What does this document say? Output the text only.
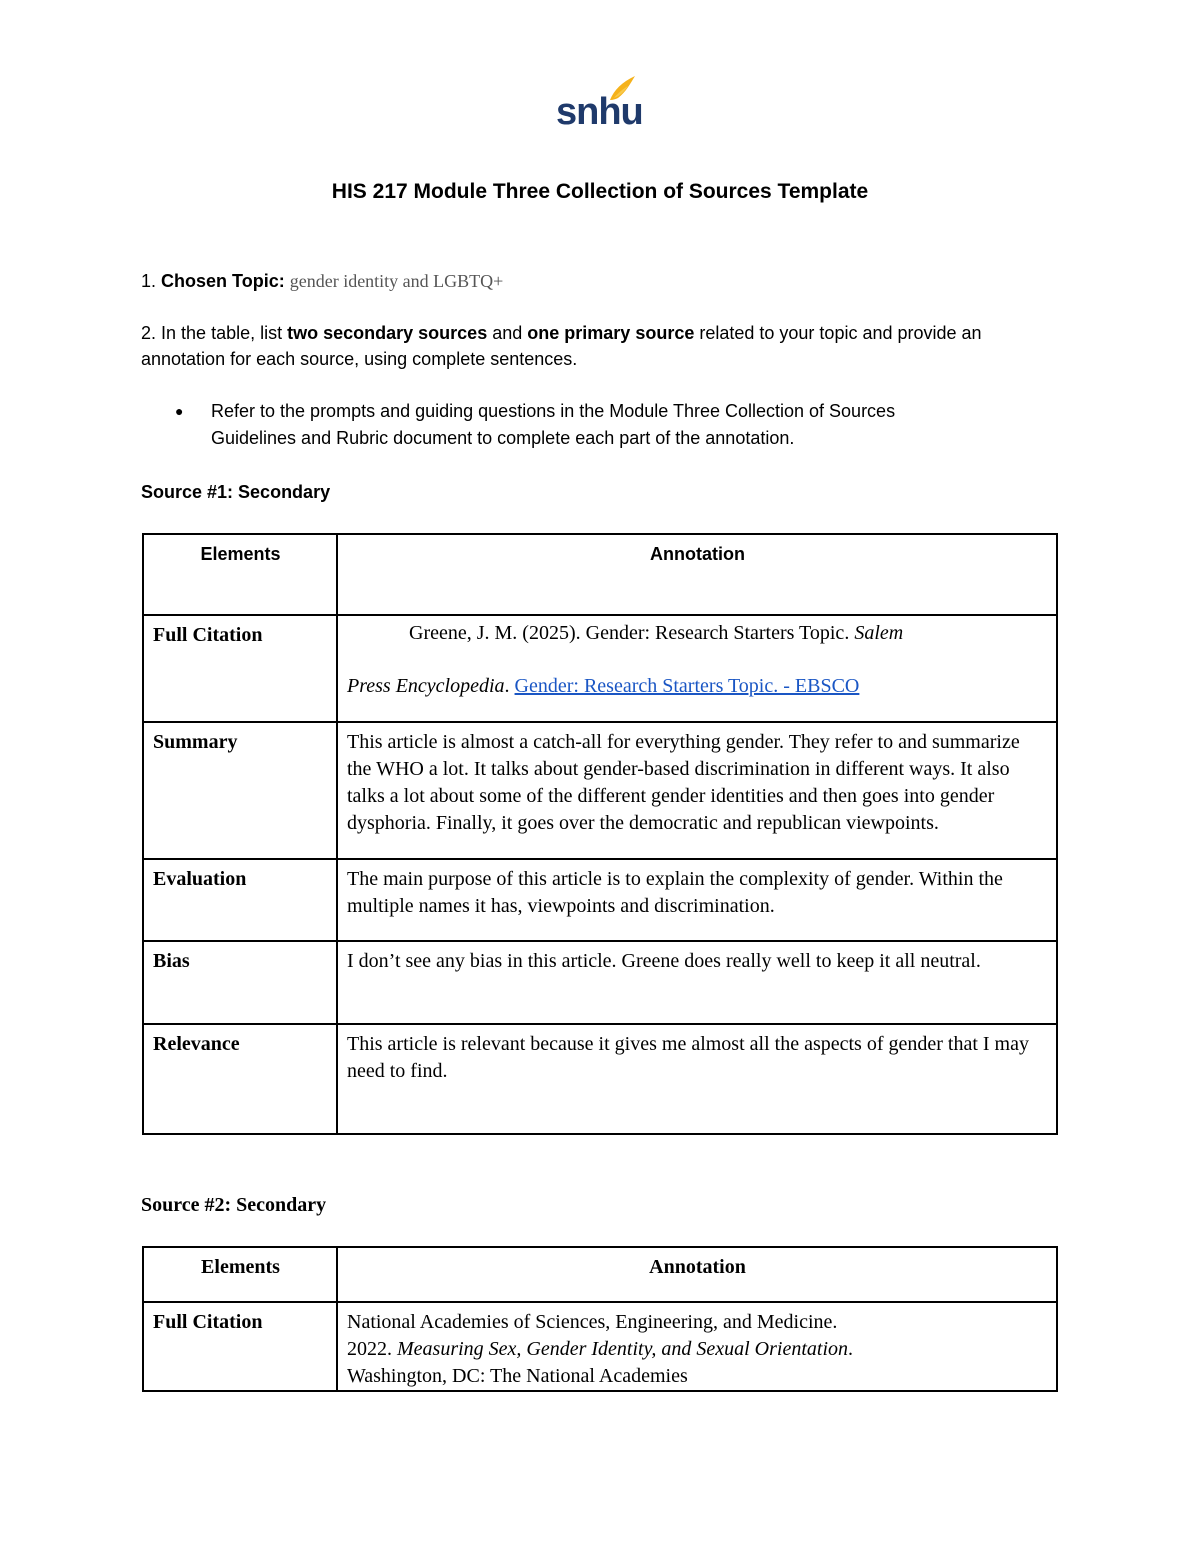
snhu
HIS 217 Module Three Collection of Sources Template
1. Chosen Topic: gender identity and LGBTQ+
2. In the table, list two secondary sources and one primary source related to your topic and provide an
annotation for each source, using complete sentences.
● Refer to the prompts and guiding questions in the Module Three Collection of Sources
Guidelines and Rubric document to complete each part of the annotation.
Source #1: Secondary
Elements	Annotation
Full Citation	Greene, J. M. (2025). Gender: Research Starters Topic. Salem
Press Encyclopedia. Gender: Research Starters Topic. - EBSCO

Summary	This article is almost a catch-all for everything gender. They refer to and summarize the WHO a lot. It talks about gender-based discrimination in different ways. It also talks a lot about some of the different gender identities and then goes into gender dysphoria. Finally, it goes over the democratic and republican viewpoints.
Evaluation	The main purpose of this article is to explain the complexity of gender. Within the multiple names it has, viewpoints and discrimination.
Bias	I don’t see any bias in this article. Greene does really well to keep it all neutral.
Relevance	This article is relevant because it gives me almost all the aspects of gender that I may need to find.
Source #2: Secondary
Elements	Annotation
Full Citation	National Academies of Sciences, Engineering, and Medicine.
2022. Measuring Sex, Gender Identity, and Sexual Orientation.
Washington, DC: The National Academies
